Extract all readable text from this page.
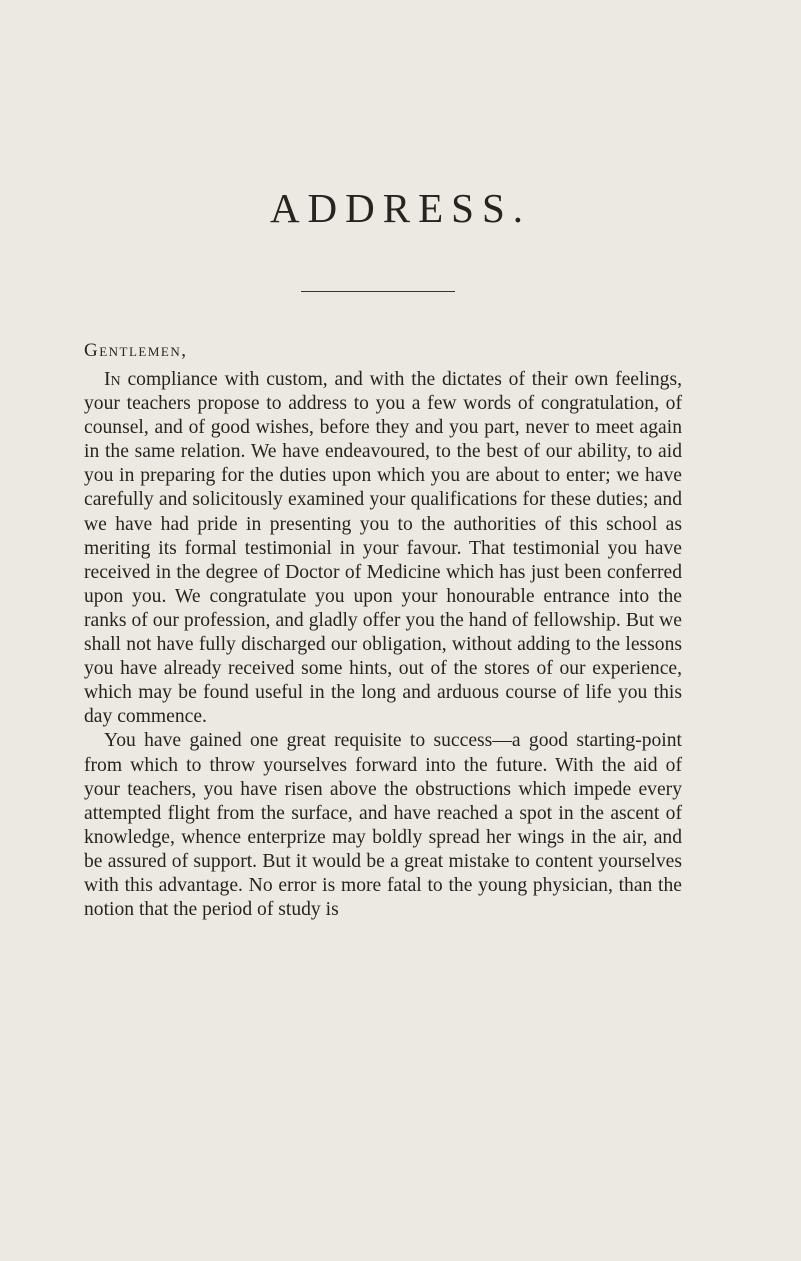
ADDRESS.

Gentlemen,

In compliance with custom, and with the dictates of their own feelings, your teachers propose to address to you a few words of congratulation, of counsel, and of good wishes, before they and you part, never to meet again in the same relation. We have endeavoured, to the best of our ability, to aid you in preparing for the duties upon which you are about to enter; we have carefully and solicitously examined your qualifications for these duties; and we have had pride in presenting you to the authorities of this school as meriting its formal testimonial in your favour. That testimonial you have received in the degree of Doctor of Medicine which has just been conferred upon you. We congratulate you upon your honourable entrance into the ranks of our profession, and gladly offer you the hand of fellowship. But we shall not have fully discharged our obligation, without adding to the lessons you have already received some hints, out of the stores of our experience, which may be found useful in the long and arduous course of life you this day commence.

You have gained one great requisite to success—a good starting-point from which to throw yourselves forward into the future. With the aid of your teachers, you have risen above the obstructions which impede every attempted flight from the surface, and have reached a spot in the ascent of knowledge, whence enterprize may boldly spread her wings in the air, and be assured of support. But it would be a great mistake to content yourselves with this advantage. No error is more fatal to the young physician, than the notion that the period of study is
